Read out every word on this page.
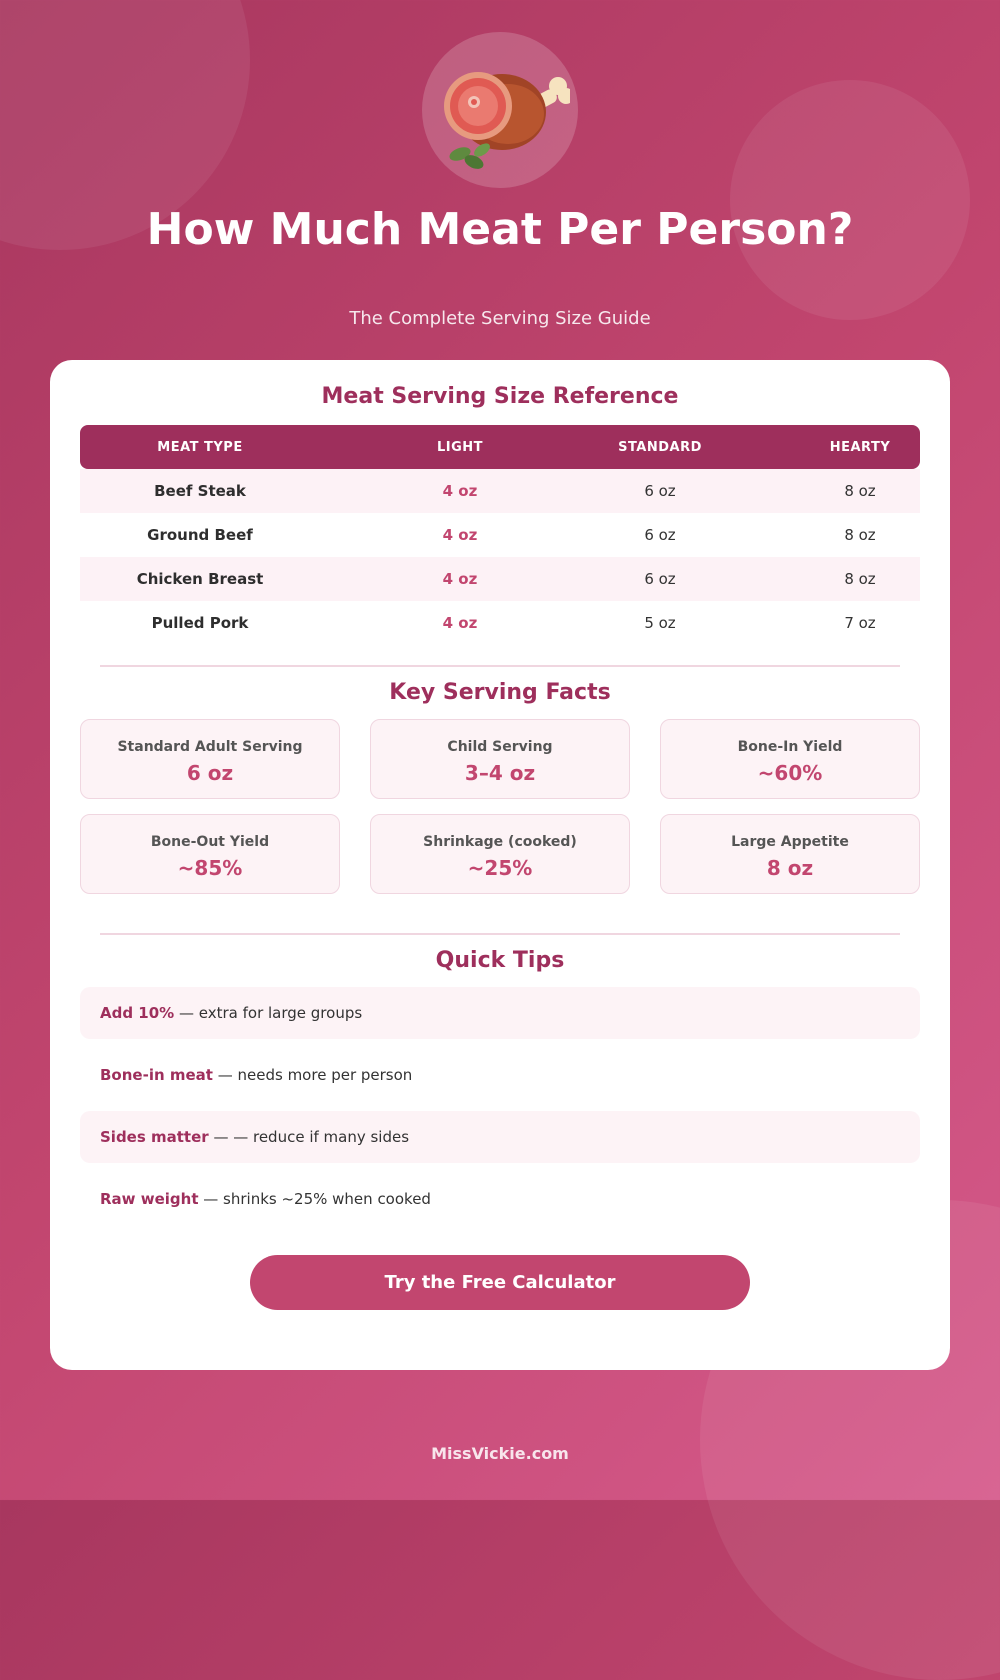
How Much Meat Per Person?
The Complete Serving Size Guide
Meat Serving Size Reference
MEAT TYPE	LIGHT	STANDARD	HEARTY
Beef Steak	4 oz	6 oz	8 oz
Ground Beef	4 oz	6 oz	8 oz
Chicken Breast	4 oz	6 oz	8 oz
Pulled Pork	4 oz	5 oz	7 oz
Key Serving Facts
Standard Adult Serving
6 oz
Child Serving
3–4 oz
Bone-In Yield
~60%
Bone-Out Yield
~85%
Shrinkage (cooked)
~25%
Large Appetite
8 oz
Quick Tips
Add 10% — extra for large groups
Bone-in meat — needs more per person
Sides matter — — reduce if many sides
Raw weight — shrinks ~25% when cooked
Try the Free Calculator
MissVickie.com
